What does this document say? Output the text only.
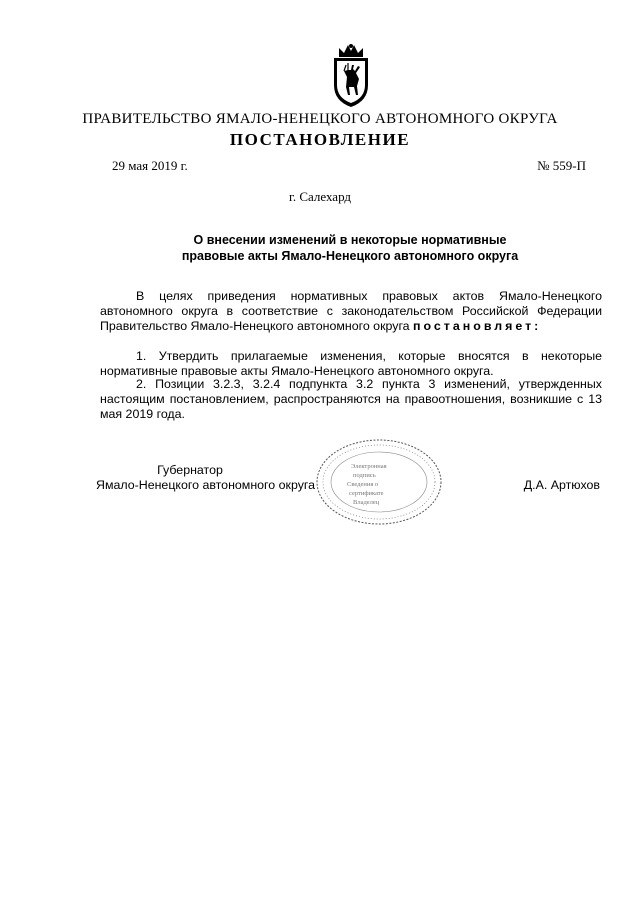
ПРАВИТЕЛЬСТВО ЯМАЛО-НЕНЕЦКОГО АВТОНОМНОГО ОКРУГА
ПОСТАНОВЛЕНИЕ
29 мая 2019 г.	№ 559-П
г. Салехард
О внесении изменений в некоторые нормативные
правовые акты Ямало-Ненецкого автономного округа
В целях приведения нормативных правовых актов Ямало-Ненецкого автономного округа в соответствие с законодательством Российской Федерации Правительство Ямало-Ненецкого автономного округа постановляет:
1. Утвердить прилагаемые изменения, которые вносятся в некоторые нормативные правовые акты Ямало-Ненецкого автономного округа.
2. Позиции 3.2.3, 3.2.4 подпункта 3.2 пункта 3 изменений, утвержденных настоящим постановлением, распространяются на правоотношения, возникшие с 13 мая 2019 года.
Электронная
подпись
Сведения о
сертификате
Владелец
Губернатор
Ямало-Ненецкого автономного округа	Д.А. Артюхов
